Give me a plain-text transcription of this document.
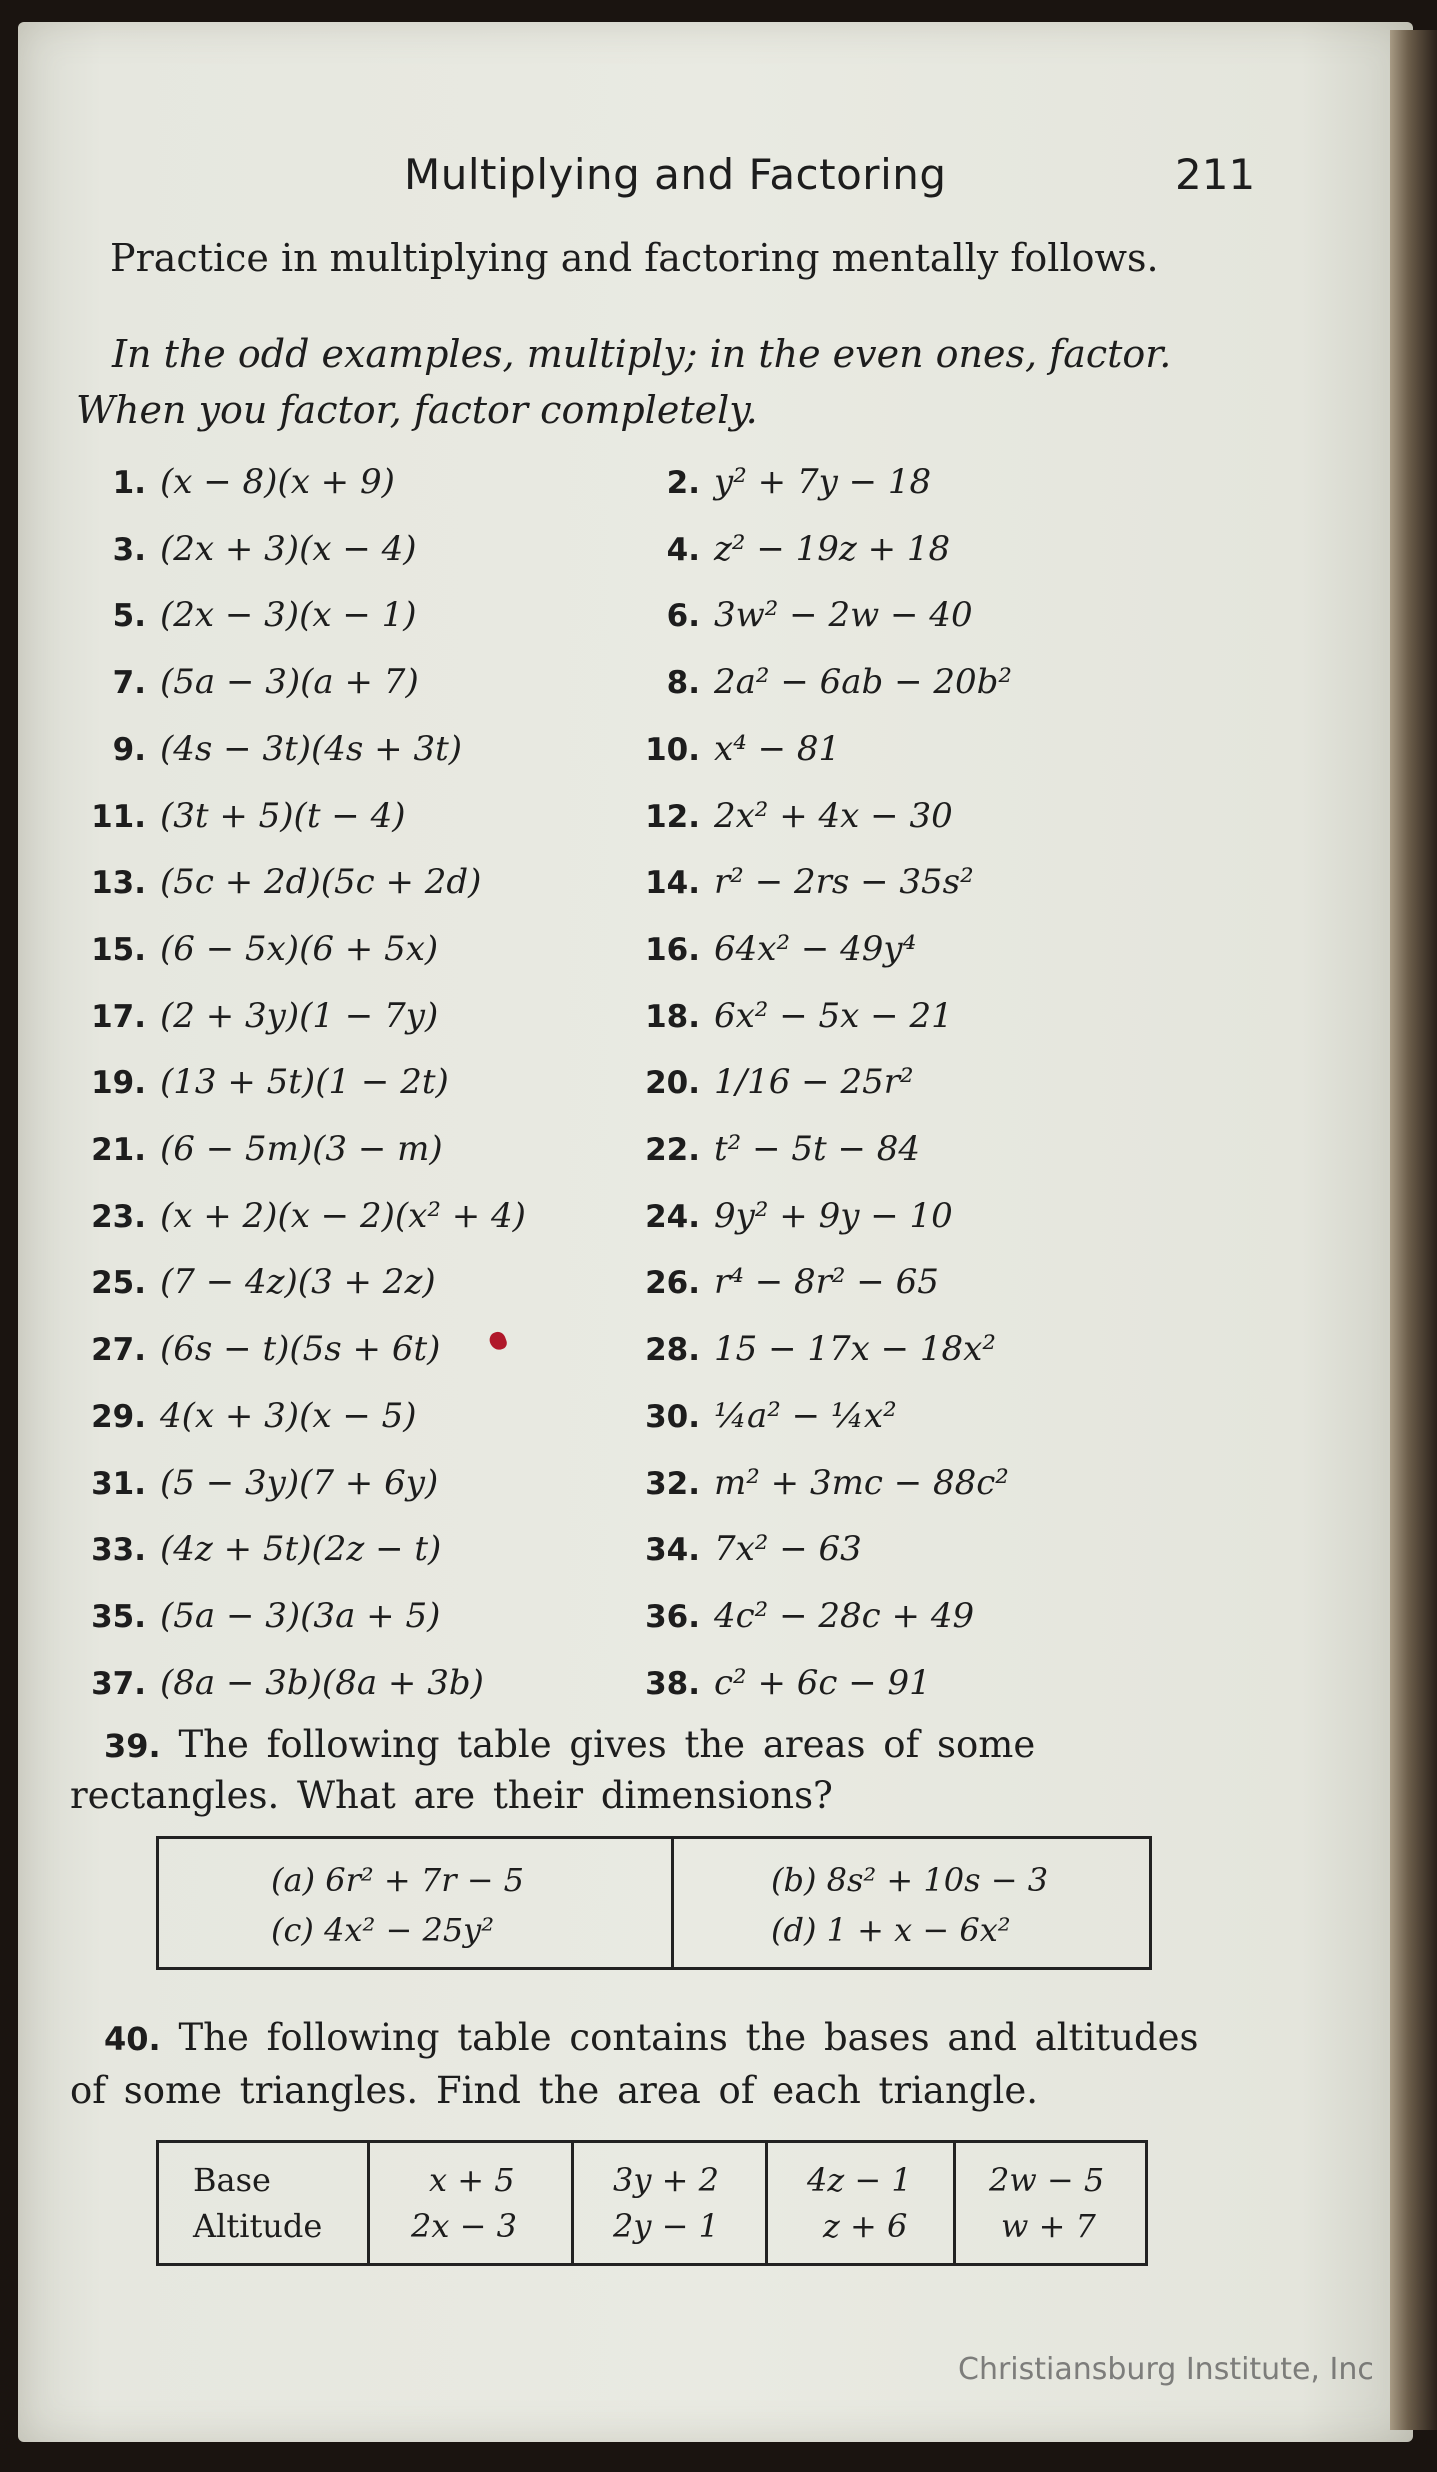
Multiplying and Factoring	211
Practice in multiplying and factoring mentally follows.
In the odd examples, multiply; in the even ones, factor. When you factor, factor completely.
1. (x − 8)(x + 9)
3. (2x + 3)(x − 4)
5. (2x − 3)(x − 1)
7. (5a − 3)(a + 7)
9. (4s − 3t)(4s + 3t)
11. (3t + 5)(t − 4)
13. (5c + 2d)(5c + 2d)
15. (6 − 5x)(6 + 5x)
17. (2 + 3y)(1 − 7y)
19. (13 + 5t)(1 − 2t)
21. (6 − 5m)(3 − m)
23. (x + 2)(x − 2)(x² + 4)
25. (7 − 4z)(3 + 2z)
27. (6s − t)(5s + 6t)
29. 4(x + 3)(x − 5)
31. (5 − 3y)(7 + 6y)
33. (4z + 5t)(2z − t)
35. (5a − 3)(3a + 5)
37. (8a − 3b)(8a + 3b)
2. y² + 7y − 18
4. z² − 19z + 18
6. 3w² − 2w − 40
8. 2a² − 6ab − 20b²
10. x⁴ − 81
12. 2x² + 4x − 30
14. r² − 2rs − 35s²
16. 64x² − 49y⁴
18. 6x² − 5x − 21
20. 1/16 − 25r²
22. t² − 5t − 84
24. 9y² + 9y − 10
26. r⁴ − 8r² − 65
28. 15 − 17x − 18x²
30. ¼a² − ¼x²
32. m² + 3mc − 88c²
34. 7x² − 63
36. 4c² − 28c + 49
38. c² + 6c − 91
39. The following table gives the areas of some rectangles. What are their dimensions?
(a) 6r² + 7r − 5
(c) 4x² − 25y²
(b) 8s² + 10s − 3
(d) 1 + x − 6x²
40. The following table contains the bases and altitudes of some triangles. Find the area of each triangle.
Base
Altitude
x + 5
2x − 3
3y + 2
2y − 1
4z − 1
z + 6
2w − 5
w + 7
Christiansburg Institute, Inc
